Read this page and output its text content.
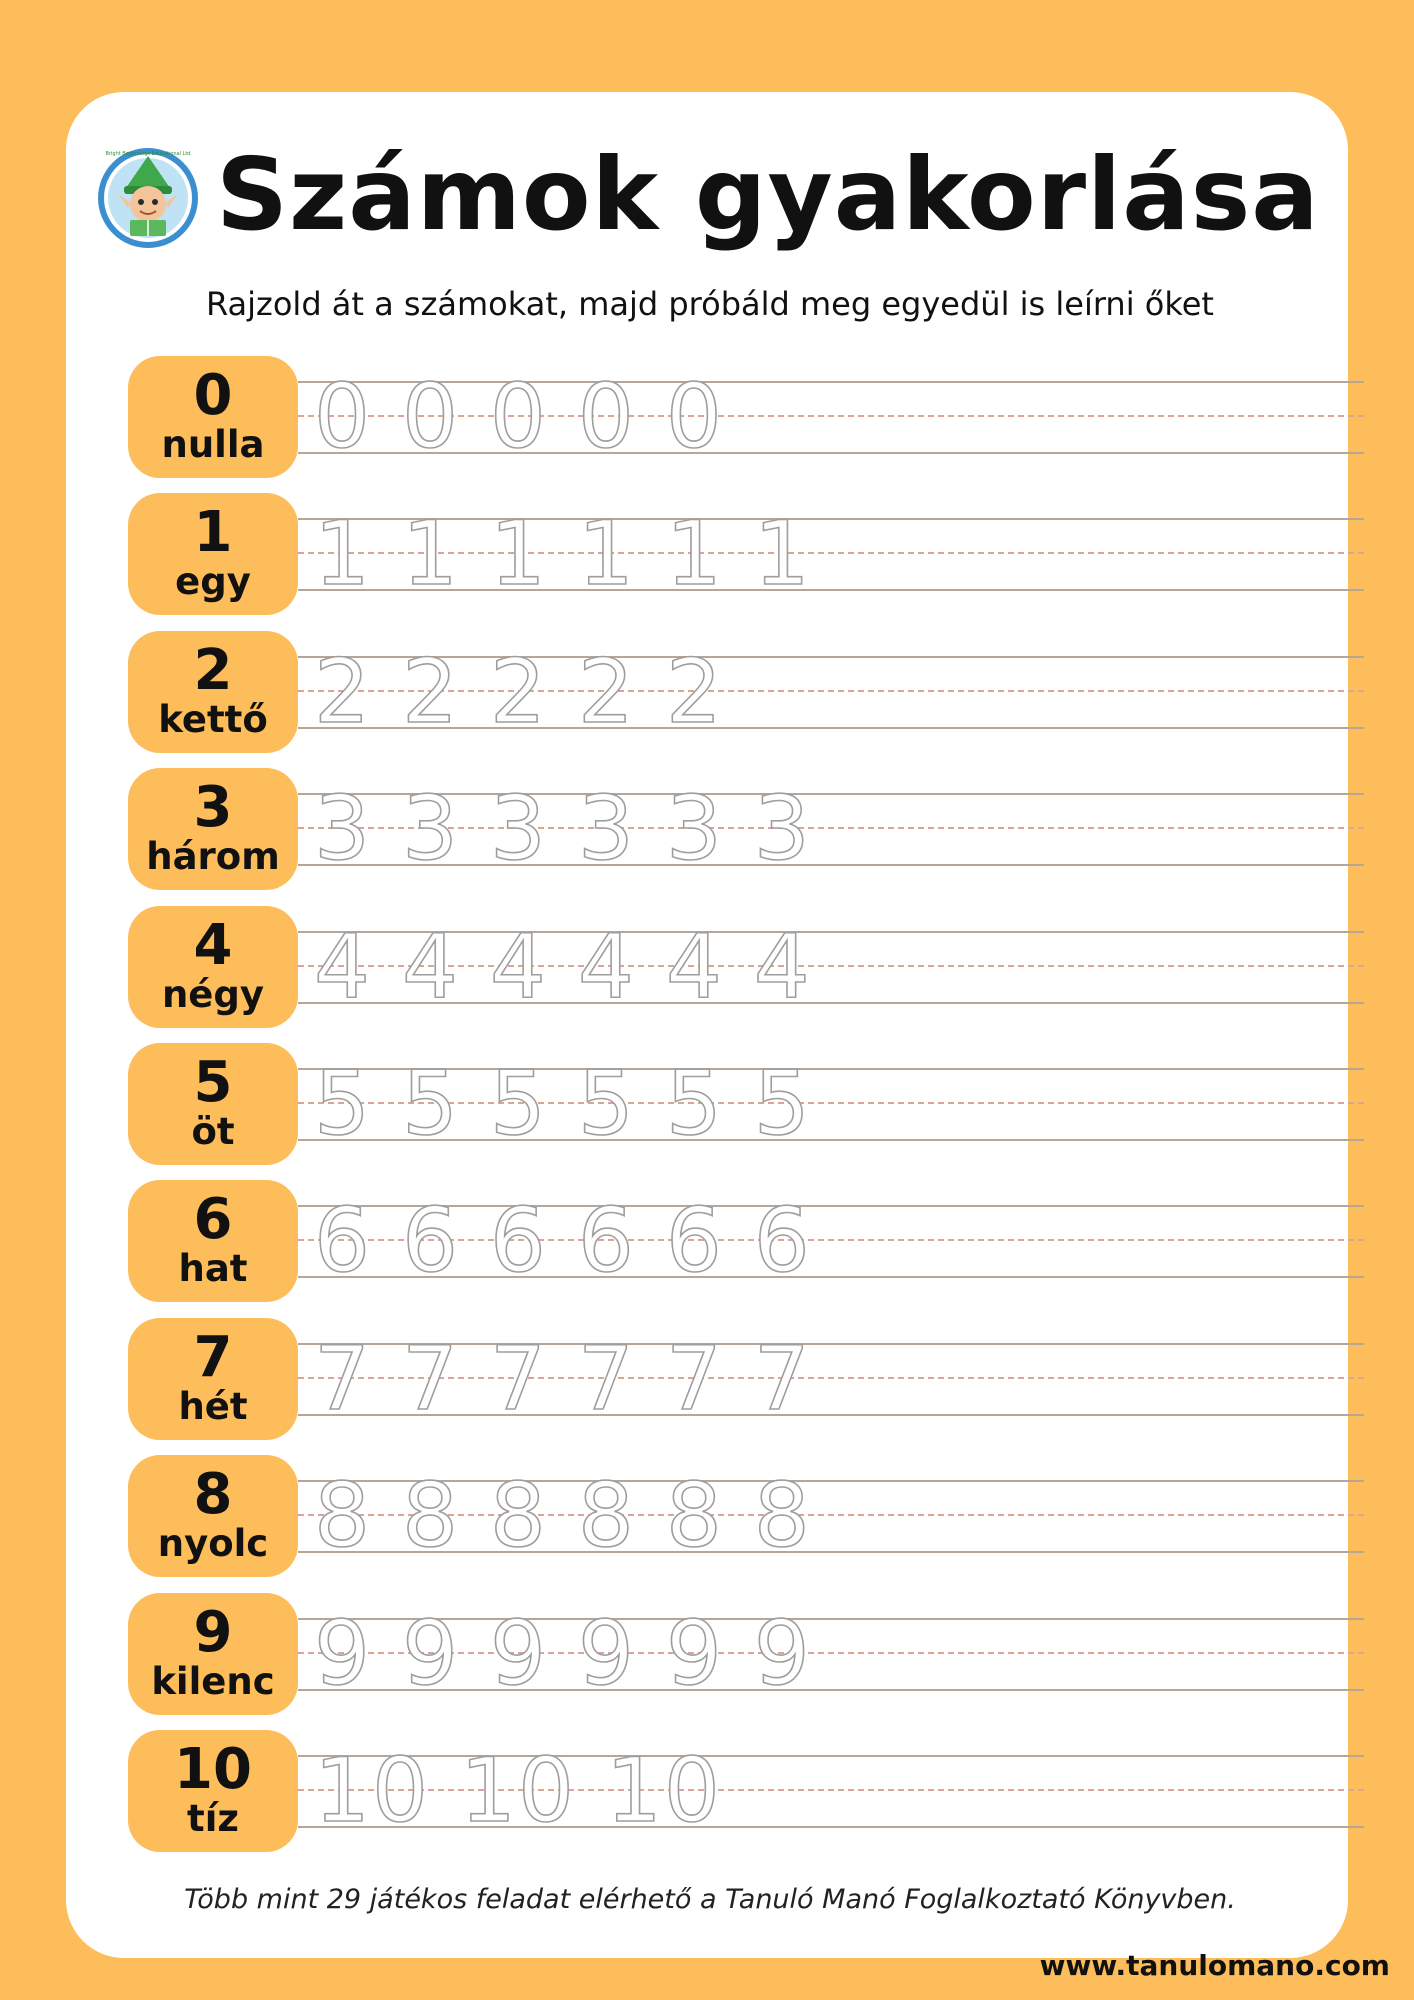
Bright Beginnings Educational Ltd Számok gyakorlása
Rajzold át a számokat, majd próbáld meg egyedül is leírni őket
0
nulla 0 0 0 0 0
1
egy 1 1 1 1 1 1
2
kettő 2 2 2 2 2
3
három 3 3 3 3 3 3
4
négy 4 4 4 4 4 4
5
öt 5 5 5 5 5 5
6
hat 6 6 6 6 6 6
7
hét 7 7 7 7 7 7
8
nyolc 8 8 8 8 8 8
9
kilenc 9 9 9 9 9 9
10
tíz 10 10 10
Több mint 29 játékos feladat elérhető a Tanuló Manó Foglalkoztató Könyvben.
www.tanulomano.com
